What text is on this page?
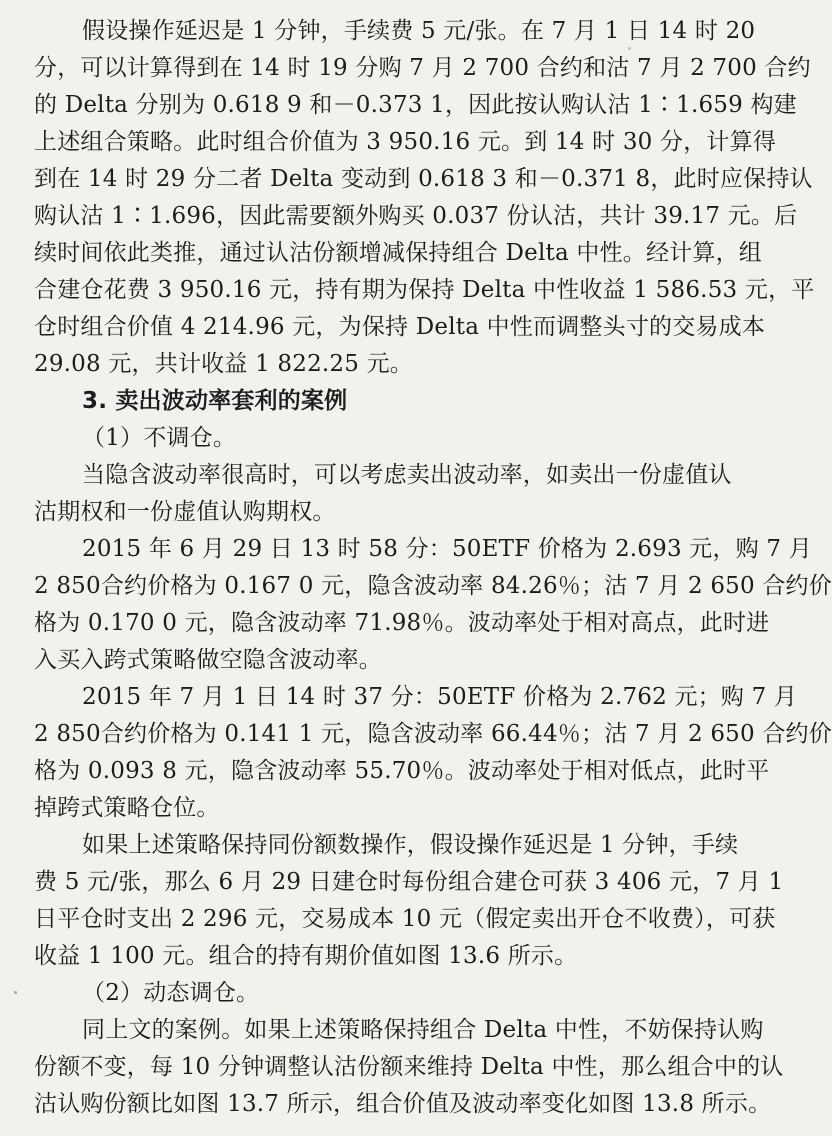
假设操作延迟是 1 分钟，手续费 5 元/张。在 7 月 1 日 14 时 20
分，可以计算得到在 14 时 19 分购 7 月 2 700 合约和沽 7 月 2 700 合约
的 Delta 分别为 0.618 9 和－0.373 1，因此按认购认沽 1∶1.659 构建
上述组合策略。此时组合价值为 3 950.16 元。到 14 时 30 分，计算得
到在 14 时 29 分二者 Delta 变动到 0.618 3 和－0.371 8，此时应保持认
购认沽 1∶1.696，因此需要额外购买 0.037 份认沽，共计 39.17 元。后
续时间依此类推，通过认沽份额增减保持组合 Delta 中性。经计算，组
合建仓花费 3 950.16 元，持有期为保持 Delta 中性收益 1 586.53 元，平
仓时组合价值 4 214.96 元，为保持 Delta 中性而调整头寸的交易成本
29.08 元，共计收益 1 822.25 元。
3. 卖出波动率套利的案例
（1）不调仓。
当隐含波动率很高时，可以考虑卖出波动率，如卖出一份虚值认
沽期权和一份虚值认购期权。
2015 年 6 月 29 日 13 时 58 分：50ETF 价格为 2.693 元，购 7 月
2 850合约价格为 0.167 0 元，隐含波动率 84.26％；沽 7 月 2 650 合约价
格为 0.170 0 元，隐含波动率 71.98％。波动率处于相对高点，此时进
入买入跨式策略做空隐含波动率。
2015 年 7 月 1 日 14 时 37 分：50ETF 价格为 2.762 元；购 7 月
2 850合约价格为 0.141 1 元，隐含波动率 66.44％；沽 7 月 2 650 合约价
格为 0.093 8 元，隐含波动率 55.70％。波动率处于相对低点，此时平
掉跨式策略仓位。
如果上述策略保持同份额数操作，假设操作延迟是 1 分钟，手续
费 5 元/张，那么 6 月 29 日建仓时每份组合建仓可获 3 406 元，7 月 1
日平仓时支出 2 296 元，交易成本 10 元（假定卖出开仓不收费），可获
收益 1 100 元。组合的持有期价值如图 13.6 所示。
（2）动态调仓。
同上文的案例。如果上述策略保持组合 Delta 中性，不妨保持认购
份额不变，每 10 分钟调整认沽份额来维持 Delta 中性，那么组合中的认
沽认购份额比如图 13.7 所示，组合价值及波动率变化如图 13.8 所示。
